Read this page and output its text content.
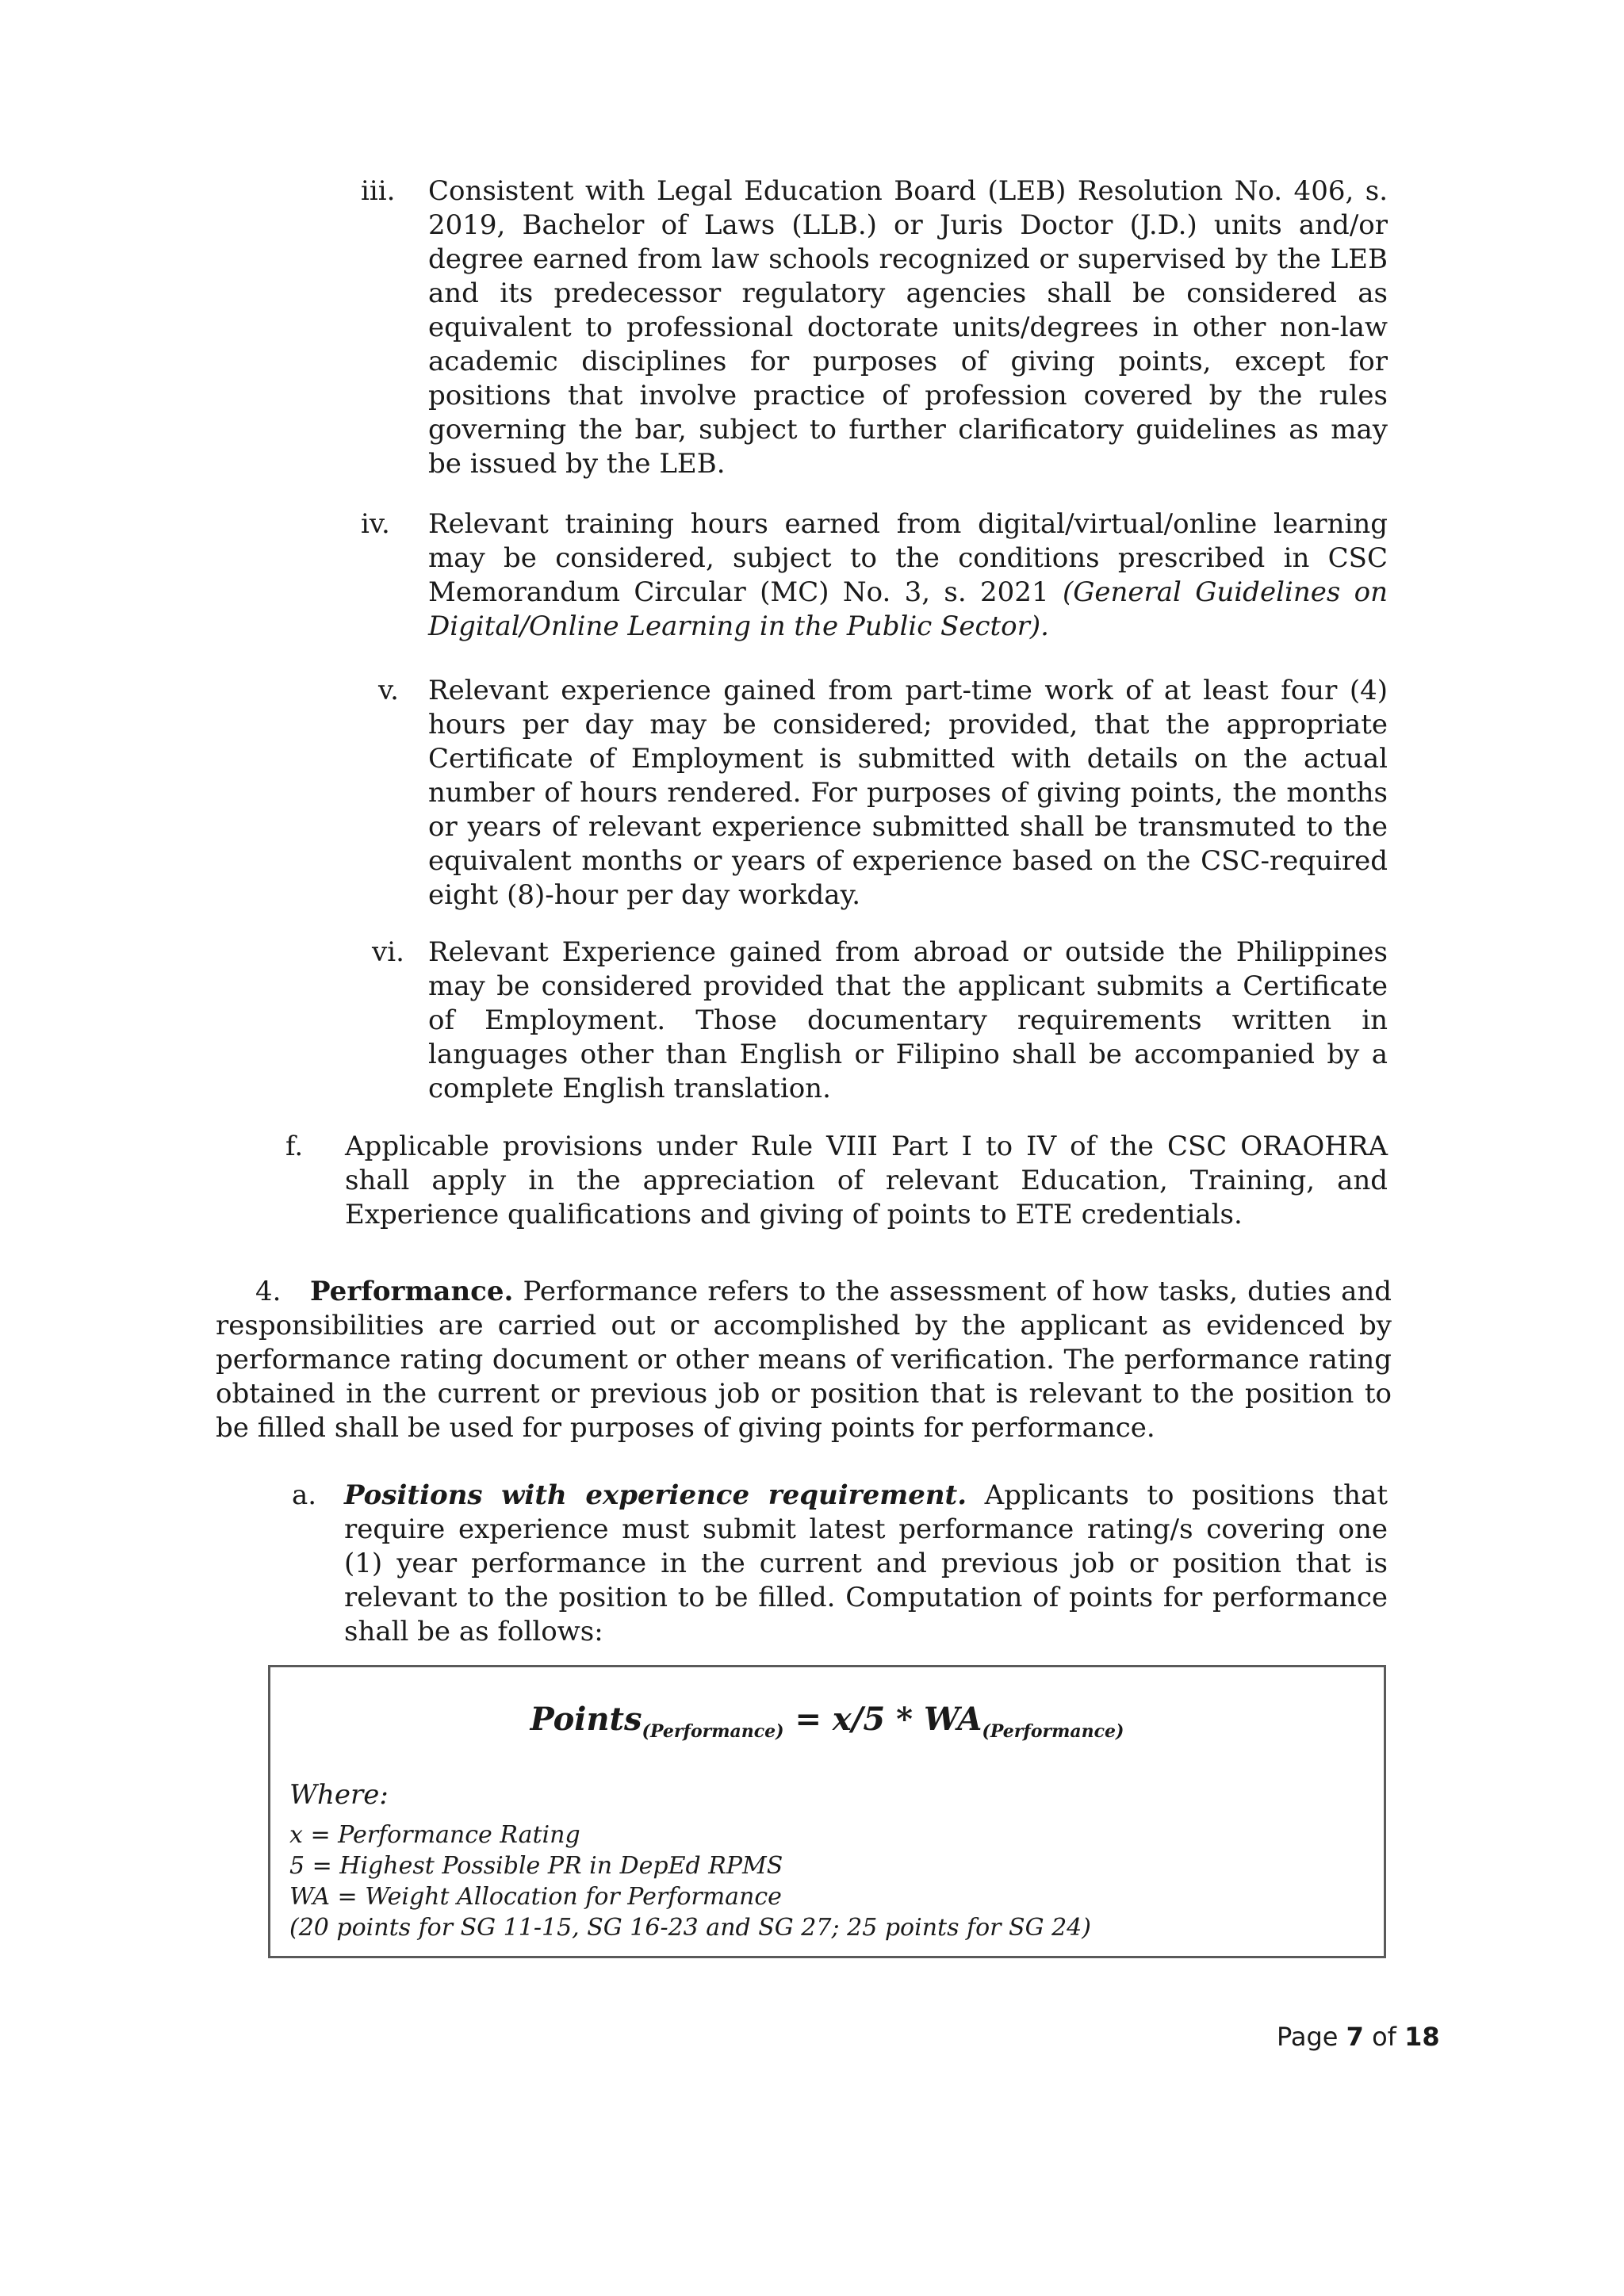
iii.	Consistent with Legal Education Board (LEB) Resolution No. 406, s.
2019, Bachelor of Laws (LLB.) or Juris Doctor (J.D.) units and/or
degree earned from law schools recognized or supervised by the LEB
and its predecessor regulatory agencies shall be considered as
equivalent to professional doctorate units/degrees in other non-law
academic disciplines for purposes of giving points, except for
positions that involve practice of profession covered by the rules
governing the bar, subject to further clarificatory guidelines as may
be issued by the LEB.
iv.	Relevant training hours earned from digital/virtual/online learning
may be considered, subject to the conditions prescribed in CSC
Memorandum Circular (MC) No. 3, s. 2021 (General Guidelines on
Digital/Online Learning in the Public Sector).
v.	Relevant experience gained from part-time work of at least four (4)
hours per day may be considered; provided, that the appropriate
Certificate of Employment is submitted with details on the actual
number of hours rendered. For purposes of giving points, the months
or years of relevant experience submitted shall be transmuted to the
equivalent months or years of experience based on the CSC-required
eight (8)-hour per day workday.
vi. Relevant Experience gained from abroad or outside the Philippines
may be considered provided that the applicant submits a Certificate
of Employment. Those documentary requirements written in
languages other than English or Filipino shall be accompanied by a
complete English translation.
f.	Applicable provisions under Rule VIII Part I to IV of the CSC ORAOHRA
shall apply in the appreciation of relevant Education, Training, and
Experience qualifications and giving of points to ETE credentials.
4. Performance. Performance refers to the assessment of how tasks, duties and
responsibilities are carried out or accomplished by the applicant as evidenced by
performance rating document or other means of verification. The performance rating
obtained in the current or previous job or position that is relevant to the position to
be filled shall be used for purposes of giving points for performance.
a.	Positions with experience requirement. Applicants to positions that
require experience must submit latest performance rating/s covering one
(1) year performance in the current and previous job or position that is
relevant to the position to be filled. Computation of points for performance
shall be as follows:
Points$_{(Performance)}$ = $x/5 * WA_{(Performance)}$
Where:
x = Performance Rating
5 = Highest Possible PR in DepEd RPMS
WA = Weight Allocation for Performance
(20 points for SG 11-15, SG 16-23 and SG 27; 25 points for SG 24)
Page 7 of 18
